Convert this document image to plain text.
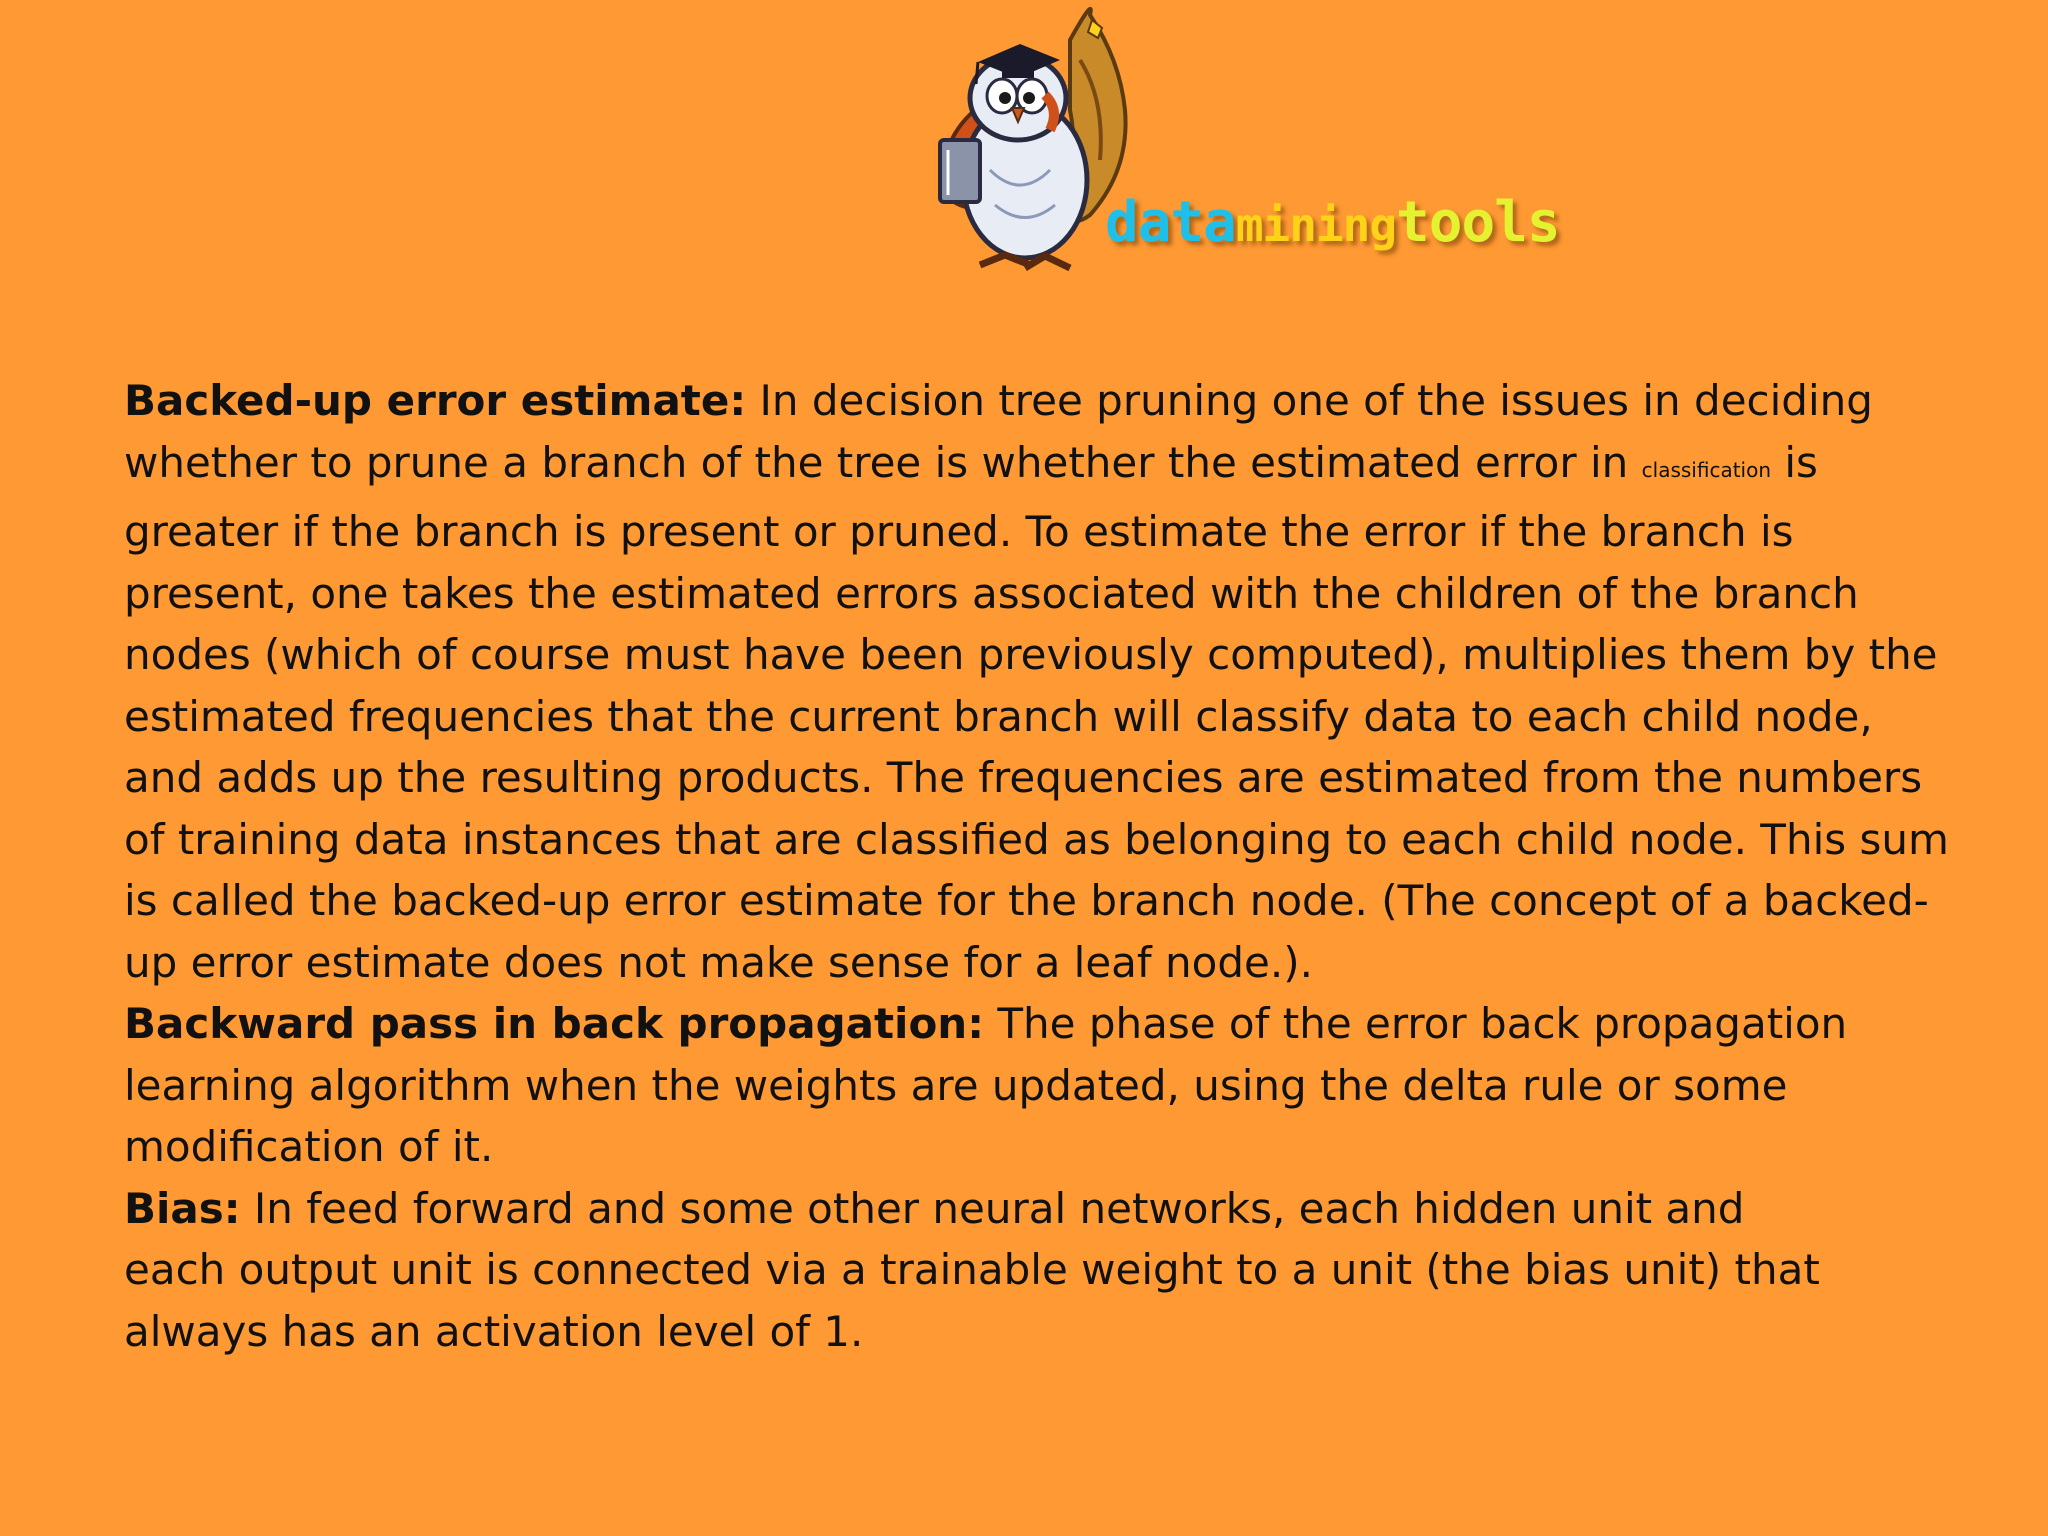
dataminingtools

Backed-up error estimate: In decision tree pruning one of the issues in deciding whether to prune a branch of the tree is whether the estimated error in classification is greater if the branch is present or pruned. To estimate the error if the branch is present, one takes the estimated errors associated with the children of the branch nodes (which of course must have been previously computed), multiplies them by the estimated frequencies that the current branch will classify data to each child node, and adds up the resulting products. The frequencies are estimated from the numbers of training data instances that are classified as belonging to each child node. This sum is called the backed-up error estimate for the branch node. (The concept of a backed-up error estimate does not make sense for a leaf node.).

Backward pass in back propagation: The phase of the error back propagation learning algorithm when the weights are updated, using the delta rule or some modification of it.

Bias: In feed forward and some other neural networks, each hidden unit and
each output unit is connected via a trainable weight to a unit (the bias unit) that always has an activation level of 1.
